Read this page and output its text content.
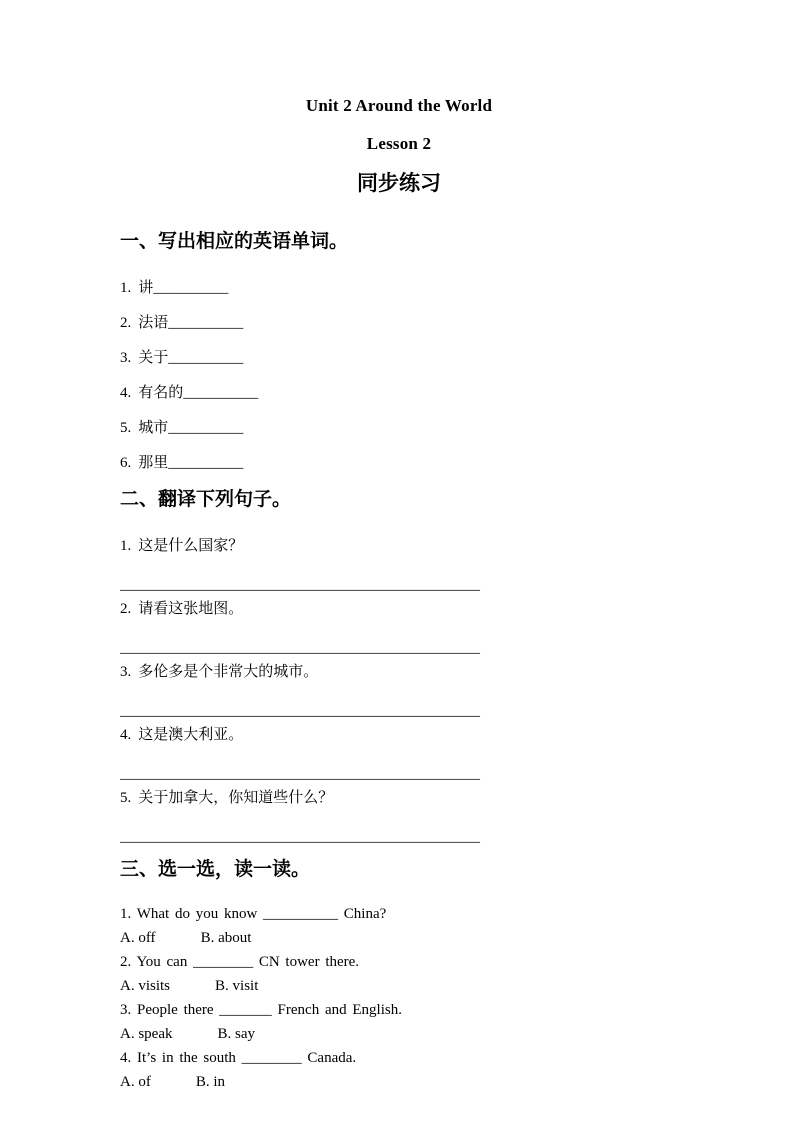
Unit 2 Around the World
Lesson 2
同步练习
一、写出相应的英语单词。
1. 讲__________
2. 法语__________
3. 关于__________
4. 有名的__________
5. 城市__________
6. 那里__________
二、翻译下列句子。
1. 这是什么国家？
________________________________________________
2. 请看这张地图。
________________________________________________
3. 多伦多是个非常大的城市。
________________________________________________
4. 这是澳大利亚。
________________________________________________
5. 关于加拿大，你知道些什么？
________________________________________________
三、选一选，读一读。
1. What do you know __________ China?
A. off	B. about
2. You can ________ CN tower there.
A. visits	B. visit
3. People there _______ French and English.
A. speak	B. say
4. It’s in the south ________ Canada.
A. of	B. in
